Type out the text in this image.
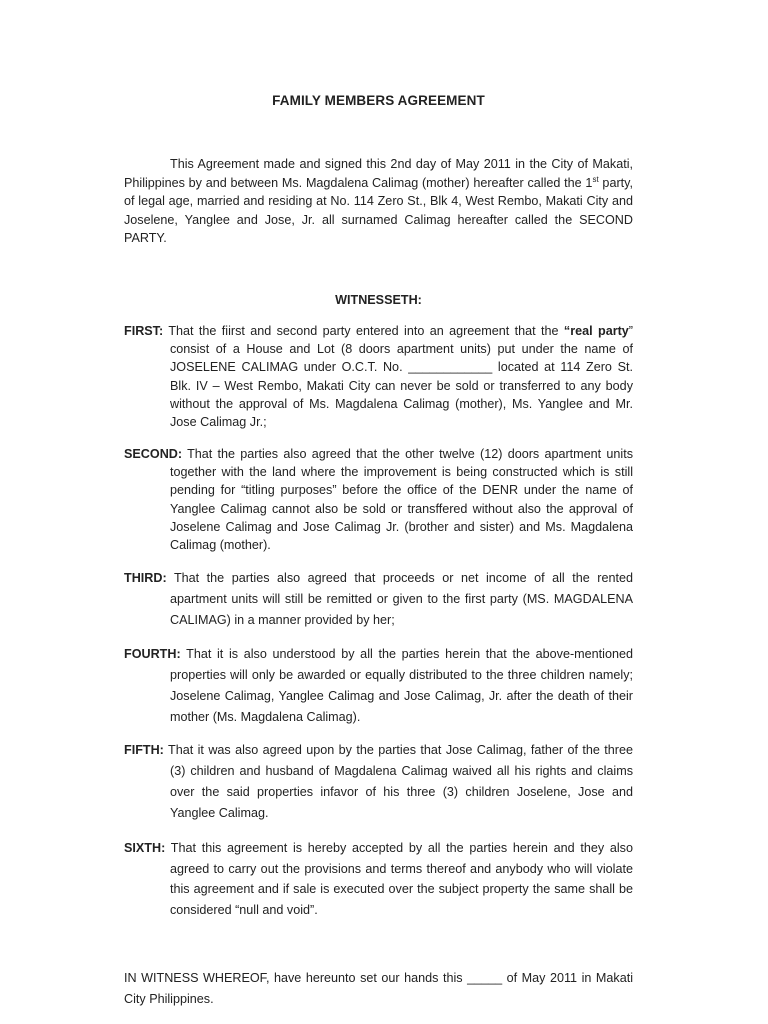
FAMILY MEMBERS AGREEMENT
This Agreement made and signed this 2nd day of May 2011 in the City of Makati, Philippines by and between Ms. Magdalena Calimag (mother) hereafter called the 1st party, of legal age, married and residing at No. 114 Zero St., Blk 4, West Rembo, Makati City and Joselene, Yanglee and Jose, Jr. all surnamed Calimag hereafter called the SECOND PARTY.
WITNESSETH:
FIRST: That the fiirst and second party entered into an agreement that the “real party” consist of a House and Lot (8 doors apartment units) put under the name of JOSELENE CALIMAG under O.C.T. No. ____________ located at 114 Zero St. Blk. IV – West Rembo, Makati City can never be sold or transferred to any body without the approval of Ms. Magdalena Calimag (mother), Ms. Yanglee and Mr. Jose Calimag Jr.;
SECOND: That the parties also agreed that the other twelve (12) doors apartment units together with the land where the improvement is being constructed which is still pending for “titling purposes” before the office of the DENR under the name of Yanglee Calimag cannot also be sold or transffered without also the approval of Joselene Calimag and Jose Calimag Jr. (brother and sister) and Ms. Magdalena Calimag (mother).
THIRD: That the parties also agreed that proceeds or net income of all the rented apartment units will still be remitted or given to the first party (MS. MAGDALENA CALIMAG) in a manner provided by her;
FOURTH: That it is also understood by all the parties herein that the above-mentioned properties will only be awarded or equally distributed to the three children namely; Joselene Calimag, Yanglee Calimag and Jose Calimag, Jr. after the death of their mother (Ms. Magdalena Calimag).
FIFTH: That it was also agreed upon by the parties that Jose Calimag, father of the three (3) children and husband of Magdalena Calimag waived all his rights and claims over the said properties infavor of his three (3) children Joselene, Jose and Yanglee Calimag.
SIXTH: That this agreement is hereby accepted by all the parties herein and they also agreed to carry out the provisions and terms thereof and anybody who will violate this agreement and if sale is executed over the subject property the same shall be considered “null and void”.
IN WITNESS WHEREOF, have hereunto set our hands this _____ of May 2011 in Makati City Philippines.
